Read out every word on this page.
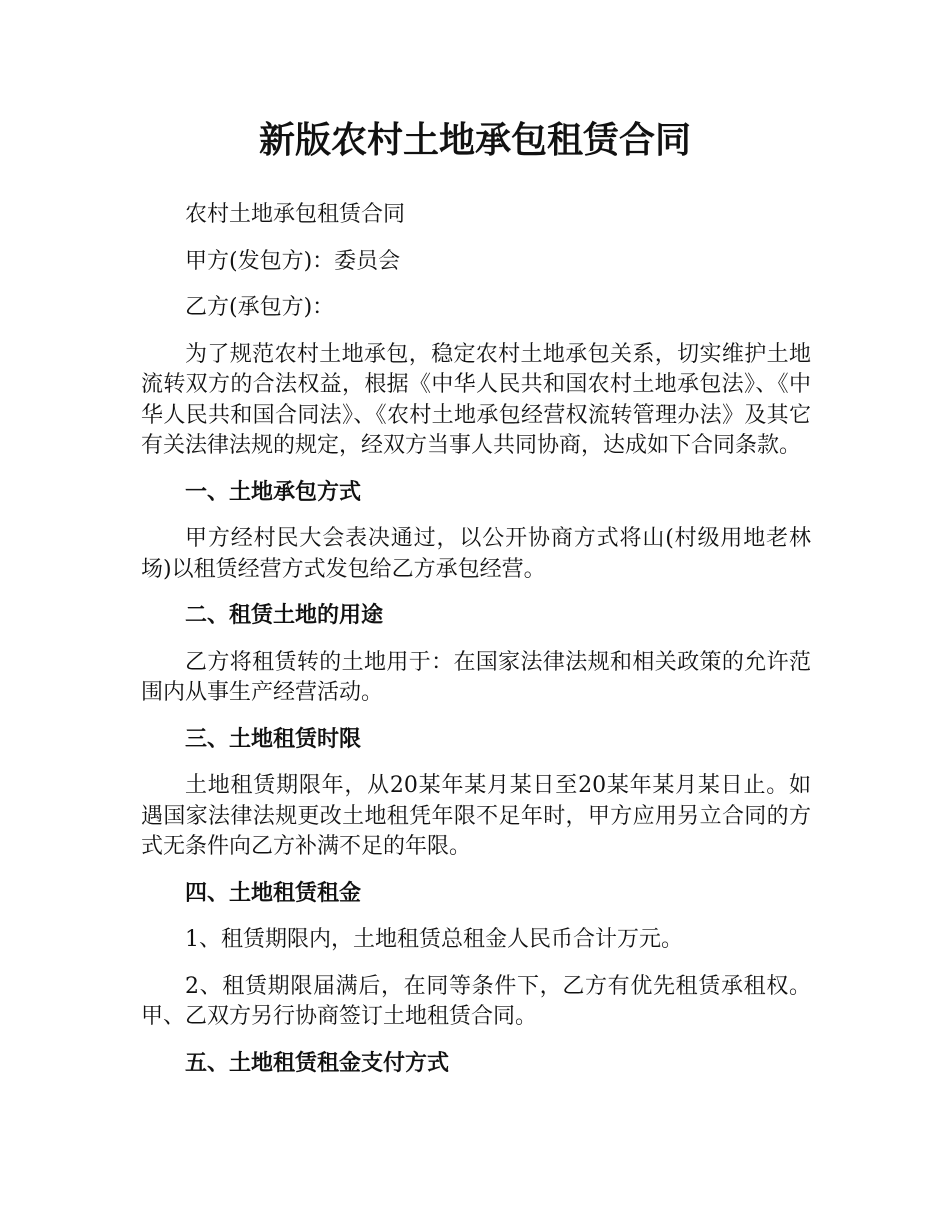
新版农村土地承包租赁合同

农村土地承包租赁合同

甲方(发包方)：委员会

乙方(承包方)：

为了规范农村土地承包，稳定农村土地承包关系，切实维护土地流转双方的合法权益，根据《中华人民共和国农村土地承包法》、《中华人民共和国合同法》、《农村土地承包经营权流转管理办法》及其它有关法律法规的规定，经双方当事人共同协商，达成如下合同条款。

一、土地承包方式

甲方经村民大会表决通过，以公开协商方式将山(村级用地老林场)以租赁经营方式发包给乙方承包经营。

二、租赁土地的用途

乙方将租赁转的土地用于：在国家法律法规和相关政策的允许范围内从事生产经营活动。

三、土地租赁时限

土地租赁期限年，从20某年某月某日至20某年某月某日止。如遇国家法律法规更改土地租凭年限不足年时，甲方应用另立合同的方式无条件向乙方补满不足的年限。

四、土地租赁租金

1、租赁期限内，土地租赁总租金人民币合计万元。

2、租赁期限届满后，在同等条件下，乙方有优先租赁承租权。甲、乙双方另行协商签订土地租赁合同。

五、土地租赁租金支付方式
